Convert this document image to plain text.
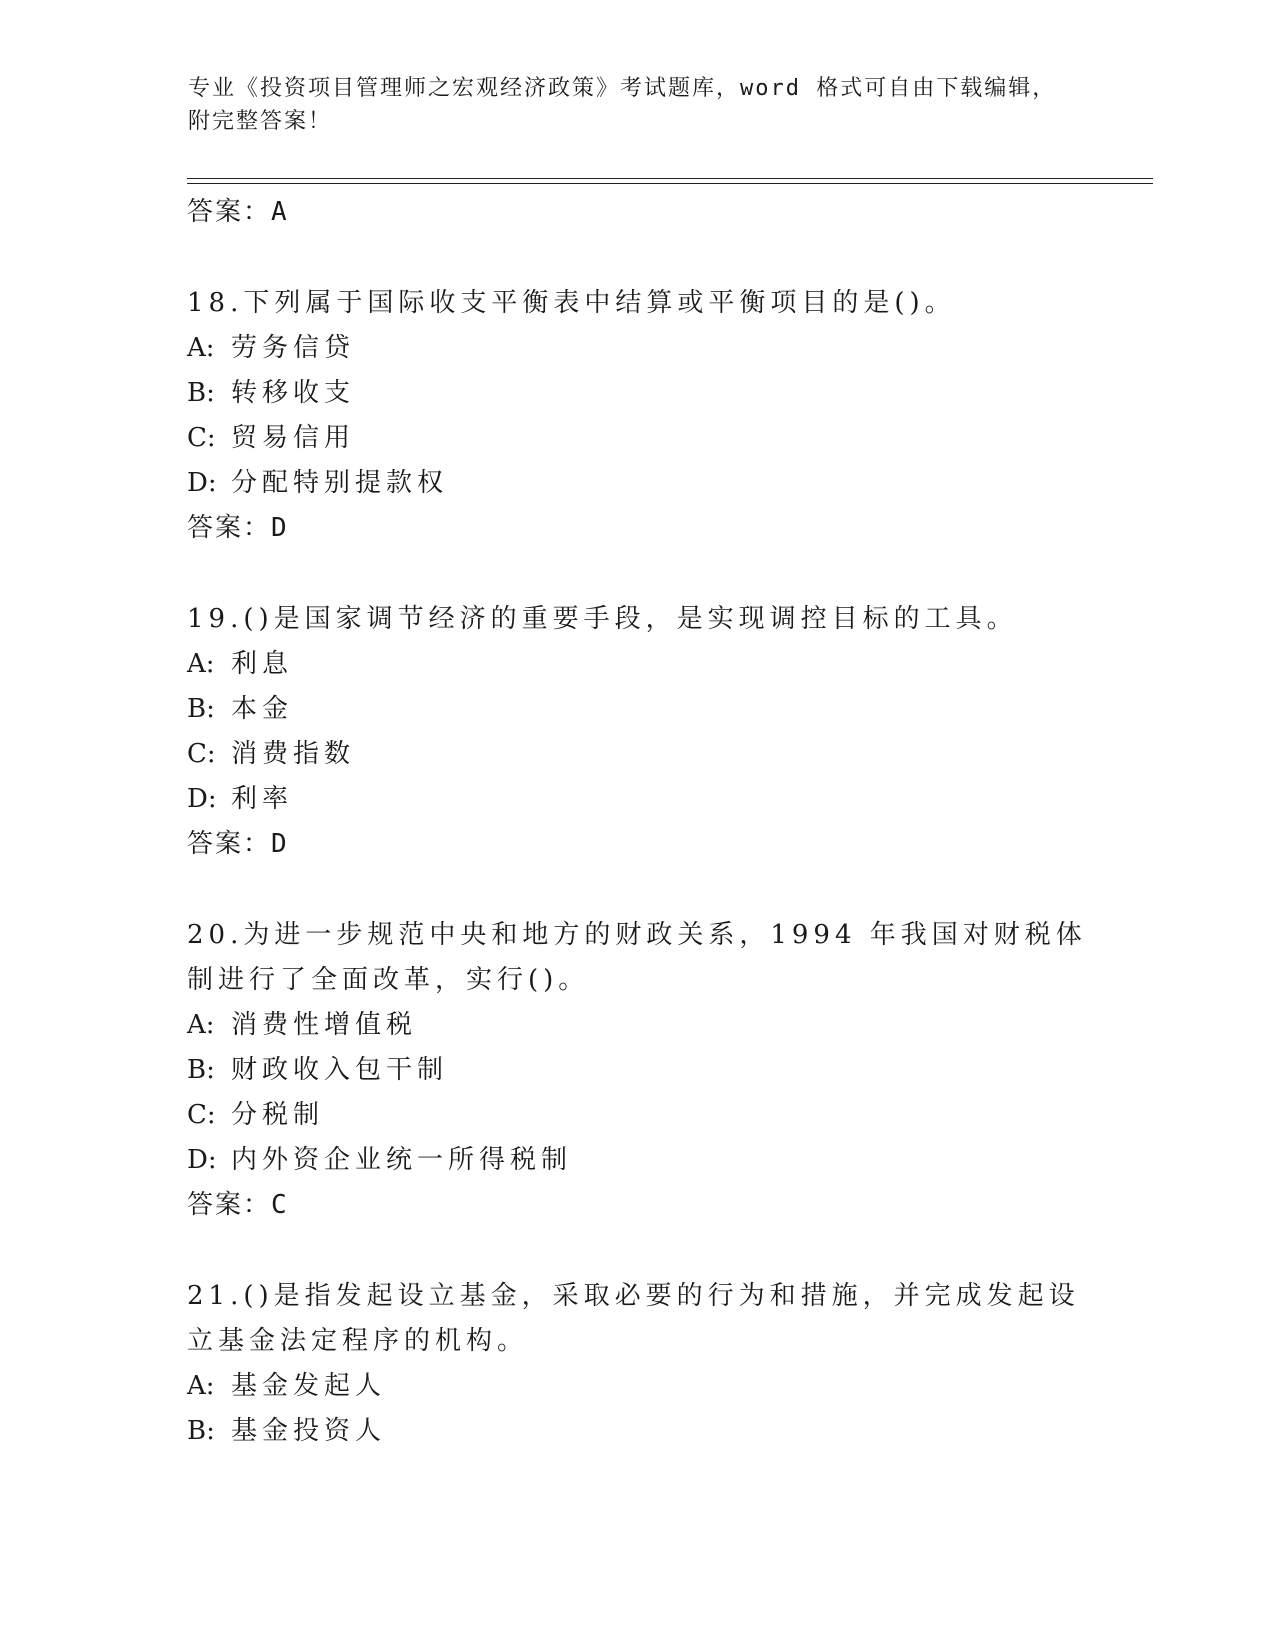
专业《投资项目管理师之宏观经济政策》考试题库，word 格式可自由下载编辑，
附完整答案！
答案：A
18.下列属于国际收支平衡表中结算或平衡项目的是()。
A: 劳务信贷
B: 转移收支
C: 贸易信用
D: 分配特别提款权
答案：D
19.()是国家调节经济的重要手段，是实现调控目标的工具。
A: 利息
B: 本金
C: 消费指数
D: 利率
答案：D
20.为进一步规范中央和地方的财政关系，1994 年我国对财税体制进行了全面改革，实行()。
A: 消费性增值税
B: 财政收入包干制
C: 分税制
D: 内外资企业统一所得税制
答案：C
21.()是指发起设立基金，采取必要的行为和措施，并完成发起设立基金法定程序的机构。
A: 基金发起人
B: 基金投资人
